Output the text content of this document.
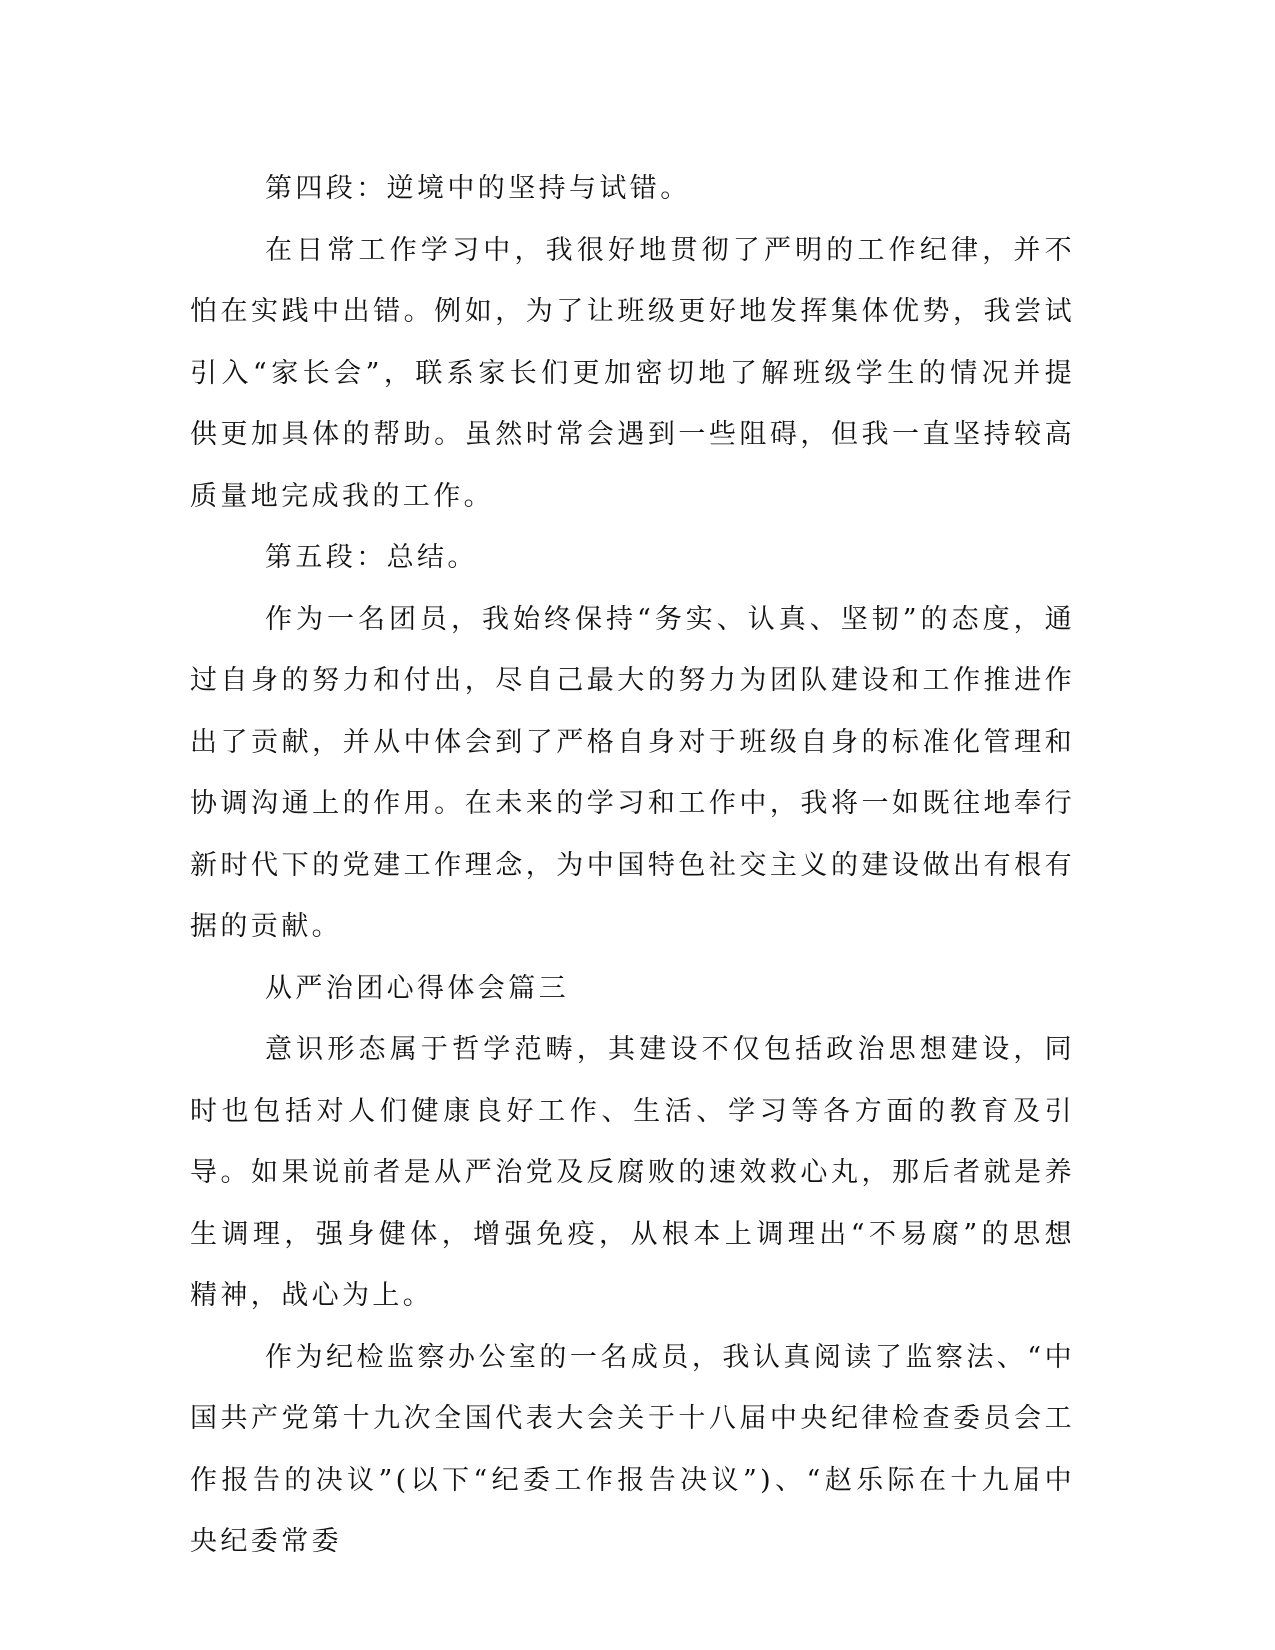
第四段：逆境中的坚持与试错。

在日常工作学习中，我很好地贯彻了严明的工作纪律，并不怕在实践中出错。例如，为了让班级更好地发挥集体优势，我尝试引入“家长会”，联系家长们更加密切地了解班级学生的情况并提供更加具体的帮助。虽然时常会遇到一些阻碍，但我一直坚持较高质量地完成我的工作。

第五段：总结。

作为一名团员，我始终保持“务实、认真、坚韧”的态度，通过自身的努力和付出，尽自己最大的努力为团队建设和工作推进作出了贡献，并从中体会到了严格自身对于班级自身的标准化管理和协调沟通上的作用。在未来的学习和工作中，我将一如既往地奉行新时代下的党建工作理念，为中国特色社交主义的建设做出有根有据的贡献。

从严治团心得体会篇三

意识形态属于哲学范畴，其建设不仅包括政治思想建设，同时也包括对人们健康良好工作、生活、学习等各方面的教育及引导。如果说前者是从严治党及反腐败的速效救心丸，那后者就是养生调理，强身健体，增强免疫，从根本上调理出“不易腐”的思想精神，战心为上。

作为纪检监察办公室的一名成员，我认真阅读了监察法、“中国共产党第十九次全国代表大会关于十八届中央纪律检查委员会工作报告的决议”(以下“纪委工作报告决议”)、“赵乐际在十九届中央纪委常委
